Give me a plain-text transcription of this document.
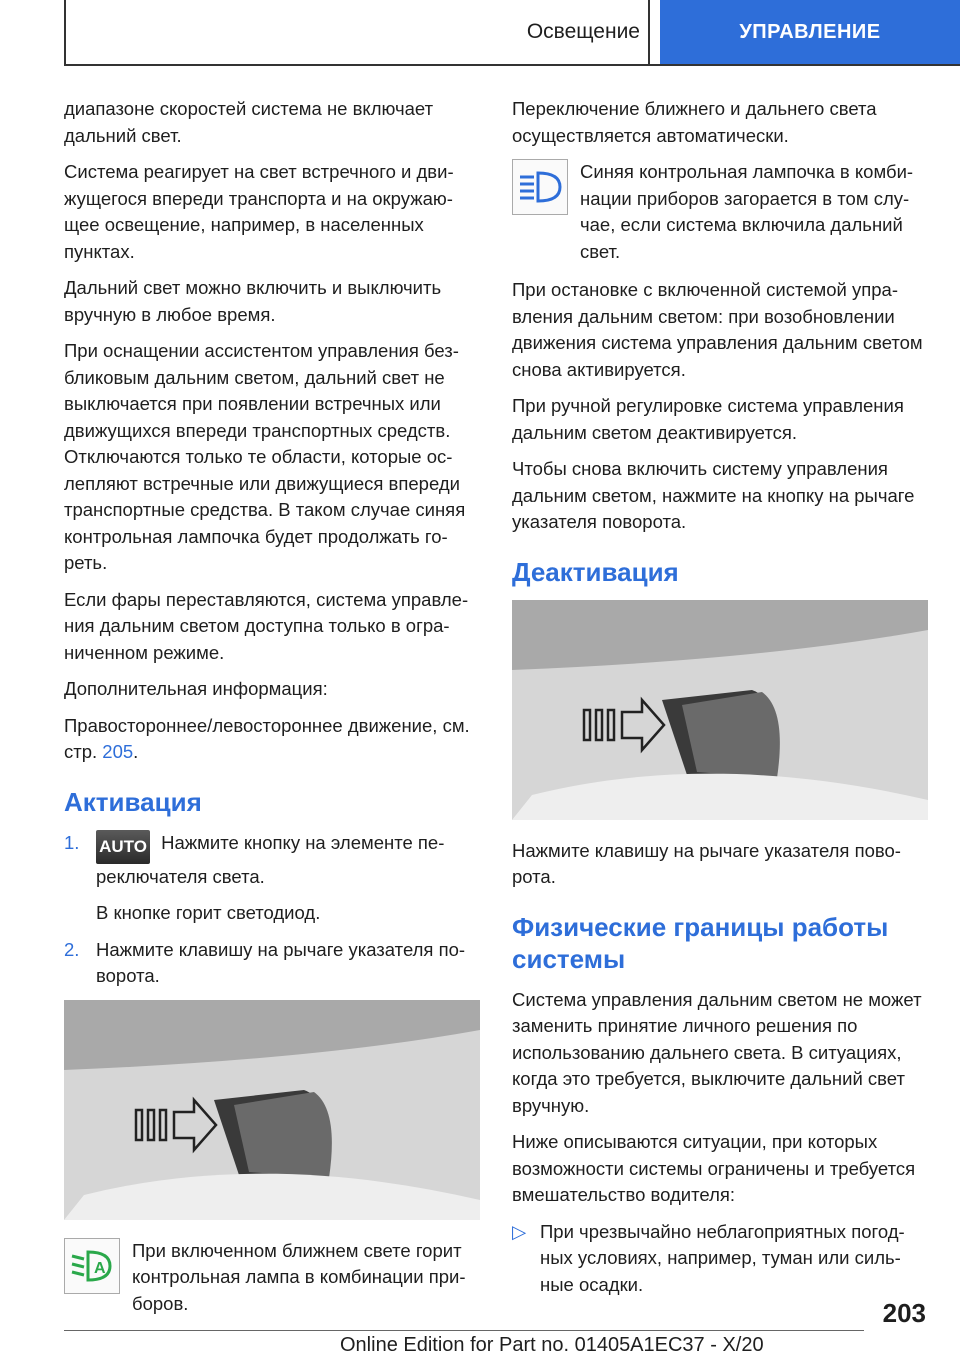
Освещение	УПРАВЛЕНИЕ

диапазоне скоростей система не включает дальний свет.

Система реагирует на свет встречного и движущегося впереди транспорта и на окружающее освещение, например, в населенных пунктах.

Дальний свет можно включить и выключить вручную в любое время.

При оснащении ассистентом управления безбликовым дальним светом, дальний свет не выключается при появлении встречных или движущихся впереди транспортных средств. Отключаются только те области, которые ослепляют встречные или движущиеся впереди транспортные средства. В таком случае синяя контрольная лампочка будет продолжать гореть.

Если фары переставляются, система управления дальним светом доступна только в ограниченном режиме.

Дополнительная информация:

Правостороннее/левостороннее движение, см. стр. 205.

Активация
1. AUTO Нажмите кнопку на элементе переключателя света.
В кнопке горит светодиод.
2. Нажмите клавишу на рычаге указателя поворота.
A
При включенном ближнем свете горит контрольная лампа в комбинации приборов.

Переключение ближнего и дальнего света осуществляется автоматически.

Синяя контрольная лампочка в комбинации приборов загорается в том случае, если система включила дальний свет.

При остановке с включенной системой управления дальним светом: при возобновлении движения система управления дальним светом снова активируется.

При ручной регулировке система управления дальним светом деактивируется.

Чтобы снова включить систему управления дальним светом, нажмите на кнопку на рычаге указателя поворота.

Деактивация

Нажмите клавишу на рычаге указателя поворота.

Физические границы работы системы

Система управления дальним светом не может заменить принятие личного решения по использованию дальнего света. В ситуациях, когда это требуется, выключите дальний свет вручную.

Ниже описываются ситуации, при которых возможности системы ограничены и требуется вмешательство водителя:

▷ При чрезвычайно неблагоприятных погодных условиях, например, туман или сильные осадки.
203
Online Edition for Part no. 01405A1EC37 - X/20
